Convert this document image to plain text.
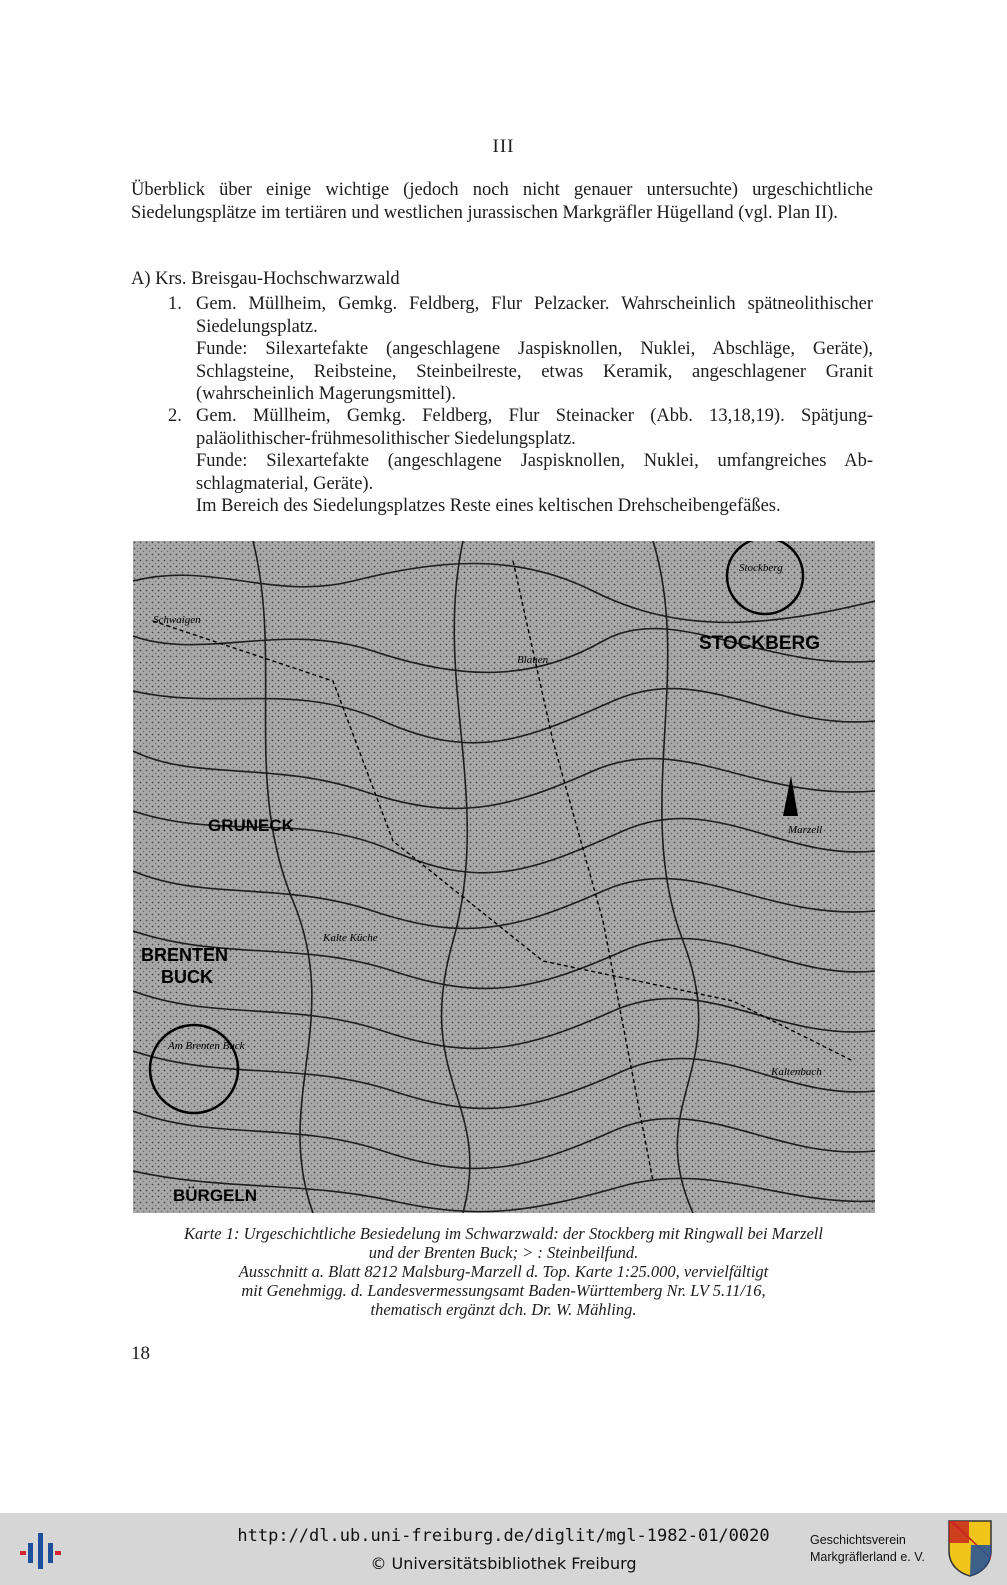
III
Überblick über einige wichtige (jedoch noch nicht genauer untersuchte) urgeschichtliche Siedelungsplätze im tertiären und westlichen jurassischen Markgräfler Hügelland (vgl. Plan II).
A) Krs. Breisgau-Hochschwarzwald
1. Gem. Müllheim, Gemkg. Feldberg, Flur Pelzacker. Wahrscheinlich spätneolithischer Siedelungsplatz.
Funde: Silexartefakte (angeschlagene Jaspisknollen, Nuklei, Abschläge, Geräte), Schlagsteine, Reibsteine, Steinbeilreste, etwas Keramik, angeschlagener Granit (wahrscheinlich Magerungsmittel).
2. Gem. Müllheim, Gemkg. Feldberg, Flur Steinacker (Abb. 13,18,19). Spätjungpaläolithischer-frühmesolithischer Siedelungsplatz.
Funde: Silexartefakte (angeschlagene Jaspisknollen, Nuklei, umfangreiches Abschlagmaterial, Geräte).
Im Bereich des Siedelungsplatzes Reste eines keltischen Drehscheibengefäßes.
STOCKBERG
GRUNECK
BRENTEN
BUCK
BÜRGELN
Marzell
Blauen
Schwaigen
Kalte Küche
Kaltenbach
Am Brenten Buck
Stockberg
Karte 1: Urgeschichtliche Besiedelung im Schwarzwald: der Stockberg mit Ringwall bei Marzell
und der Brenten Buck; > : Steinbeilfund.
Ausschnitt a. Blatt 8212 Malsburg-Marzell d. Top. Karte 1:25.000, vervielfältigt
mit Genehmigg. d. Landesvermessungsamt Baden-Württemberg Nr. LV 5.11/16,
thematisch ergänzt dch. Dr. W. Mähling.
18
http://dl.ub.uni-freiburg.de/diglit/mgl-1982-01/0020
© Universitätsbibliothek Freiburg
Geschichtsverein
Markgräflerland e. V.
